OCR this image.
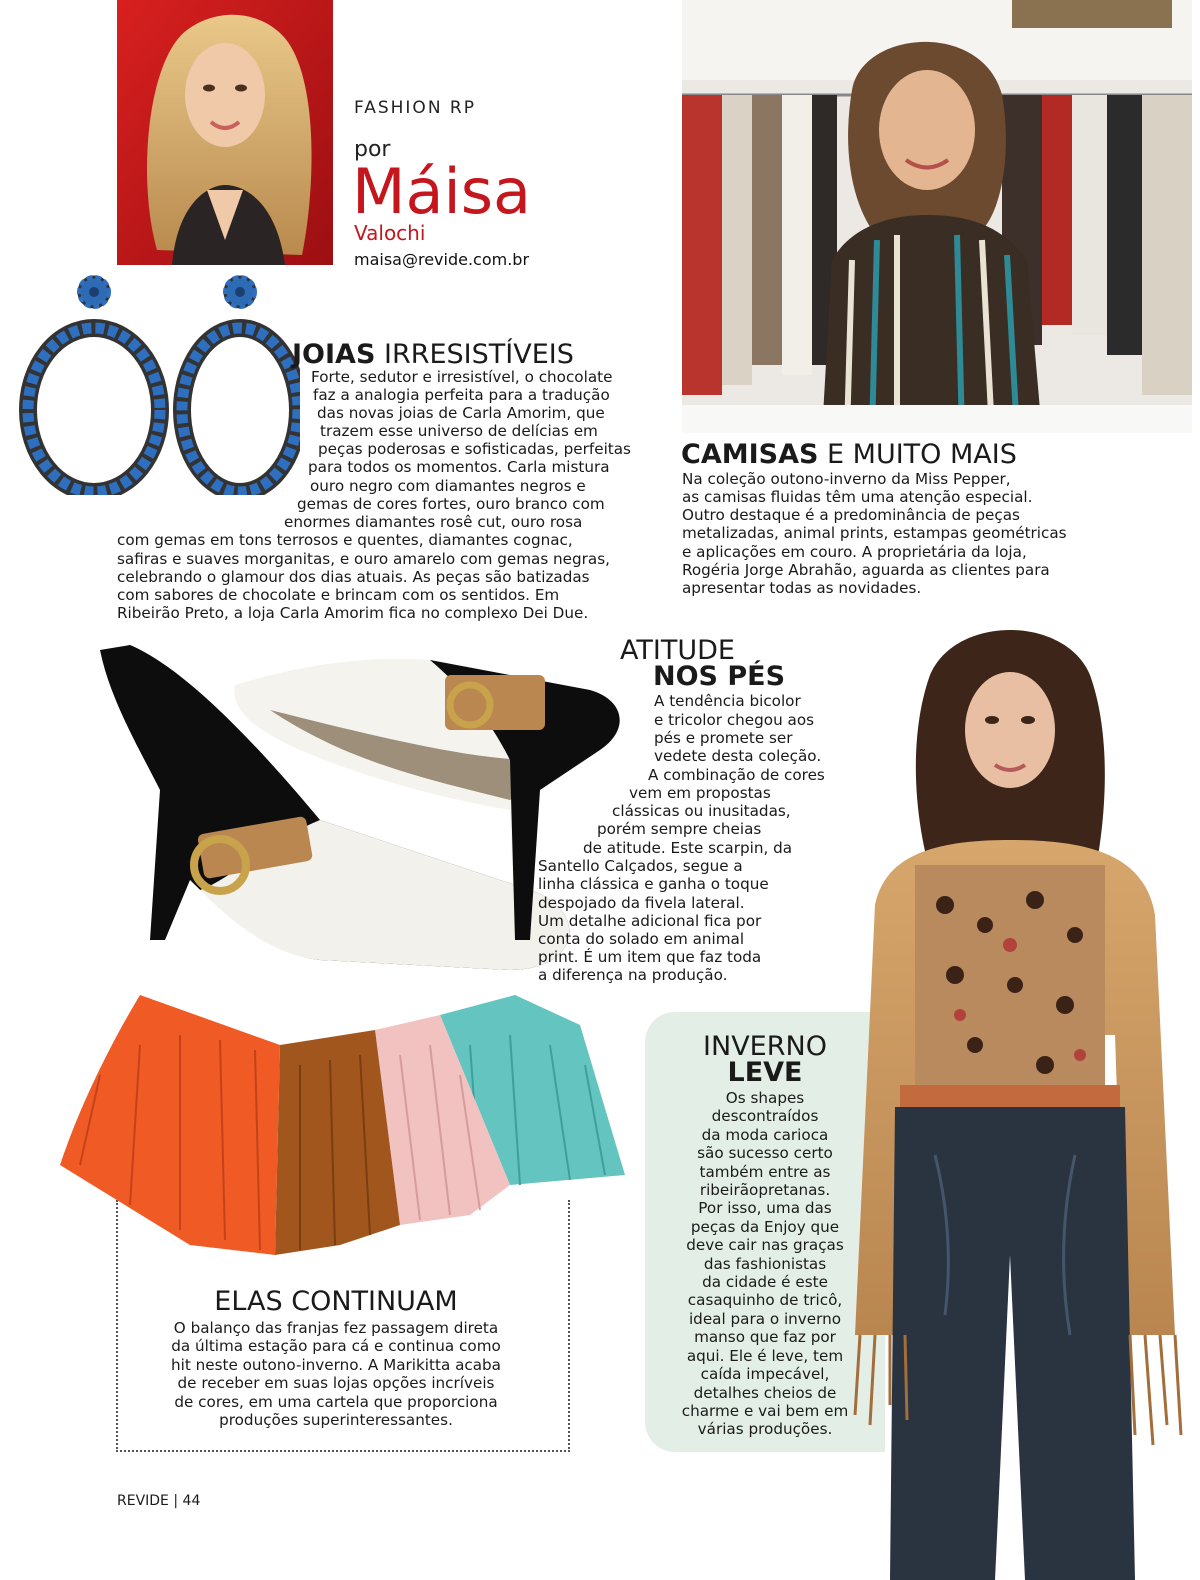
FASHION RP
por
Máisa
Valochi
maisa@revide.com.br
JOIAS IRRESISTÍVEIS
Forte, sedutor e irresistível, o chocolate
faz a analogia perfeita para a tradução
das novas joias de Carla Amorim, que
trazem esse universo de delícias em
peças poderosas e sofisticadas, perfeitas
para todos os momentos. Carla mistura
ouro negro com diamantes negros e
gemas de cores fortes, ouro branco com
enormes diamantes rosê cut, ouro rosa
com gemas em tons terrosos e quentes, diamantes cognac,
safiras e suaves morganitas, e ouro amarelo com gemas negras,
celebrando o glamour dos dias atuais. As peças são batizadas
com sabores de chocolate e brincam com os sentidos. Em
Ribeirão Preto, a loja Carla Amorim fica no complexo Dei Due.
CAMISAS E MUITO MAIS
Na coleção outono-inverno da Miss Pepper,
as camisas fluidas têm uma atenção especial.
Outro destaque é a predominância de peças
metalizadas, animal prints, estampas geométricas
e aplicações em couro. A proprietária da loja,
Rogéria Jorge Abrahão, aguarda as clientes para
apresentar todas as novidades.
ATITUDE
NOS PÉS
A tendência bicolor
e tricolor chegou aos
pés e promete ser
vedete desta coleção.
A combinação de cores
vem em propostas
clássicas ou inusitadas,
porém sempre cheias
de atitude. Este scarpin, da
Santello Calçados, segue a
linha clássica e ganha o toque
despojado da fivela lateral.
Um detalhe adicional fica por
conta do solado em animal
print. É um item que faz toda
a diferença na produção.
ELAS CONTINUAM
O balanço das franjas fez passagem direta
da última estação para cá e continua como
hit neste outono-inverno. A Marikitta acaba
de receber em suas lojas opções incríveis
de cores, em uma cartela que proporciona
produções superinteressantes.
INVERNO
LEVE
Os shapes
descontraídos
da moda carioca
são sucesso certo
também entre as
ribeirãopretanas.
Por isso, uma das
peças da Enjoy que
deve cair nas graças
das fashionistas
da cidade é este
casaquinho de tricô,
ideal para o inverno
manso que faz por
aqui. Ele é leve, tem
caída impecável,
detalhes cheios de
charme e vai bem em
várias produções.
REVIDE | 44
